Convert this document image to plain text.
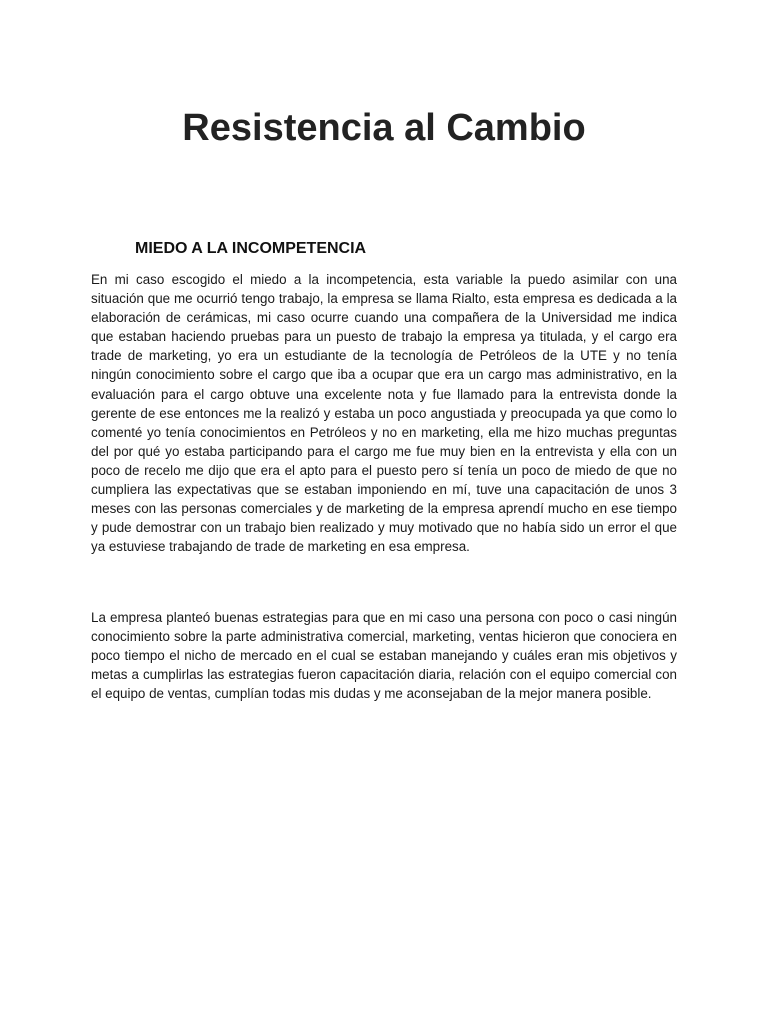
Resistencia al Cambio
MIEDO A LA INCOMPETENCIA

En mi caso escogido el miedo a la incompetencia, esta variable la puedo asimilar con una situación que me ocurrió tengo trabajo, la empresa se llama Rialto, esta empresa es dedicada a la elaboración de cerámicas, mi caso ocurre cuando una compañera de la Universidad me indica que estaban haciendo pruebas para un puesto de trabajo la empresa ya titulada, y el cargo era trade de marketing, yo era un estudiante de la tecnología de Petróleos de la UTE y no tenía ningún conocimiento sobre el cargo que iba a ocupar que era un cargo mas administrativo, en la evaluación para el cargo obtuve una excelente nota y fue llamado para la entrevista donde la gerente de ese entonces me la realizó y estaba un poco angustiada y preocupada ya que como lo comenté yo tenía conocimientos en Petróleos y no en marketing, ella me hizo muchas preguntas del por qué yo estaba participando para el cargo me fue muy bien en la entrevista y ella con un poco de recelo me dijo que era el apto para el puesto pero sí tenía un poco de miedo de que no cumpliera las expectativas que se estaban imponiendo en mí, tuve una capacitación de unos 3 meses con las personas comerciales y de marketing de la empresa aprendí mucho en ese tiempo y pude demostrar con un trabajo bien realizado y muy motivado que no había sido un error el que ya estuviese trabajando de trade de marketing en esa empresa.

La empresa planteó buenas estrategias para que en mi caso una persona con poco o casi ningún conocimiento sobre la parte administrativa comercial, marketing, ventas hicieron que conociera en poco tiempo el nicho de mercado en el cual se estaban manejando y cuáles eran mis objetivos y metas a cumplirlas las estrategias fueron capacitación diaria, relación con el equipo comercial con el equipo de ventas, cumplían todas mis dudas y me aconsejaban de la mejor manera posible.
